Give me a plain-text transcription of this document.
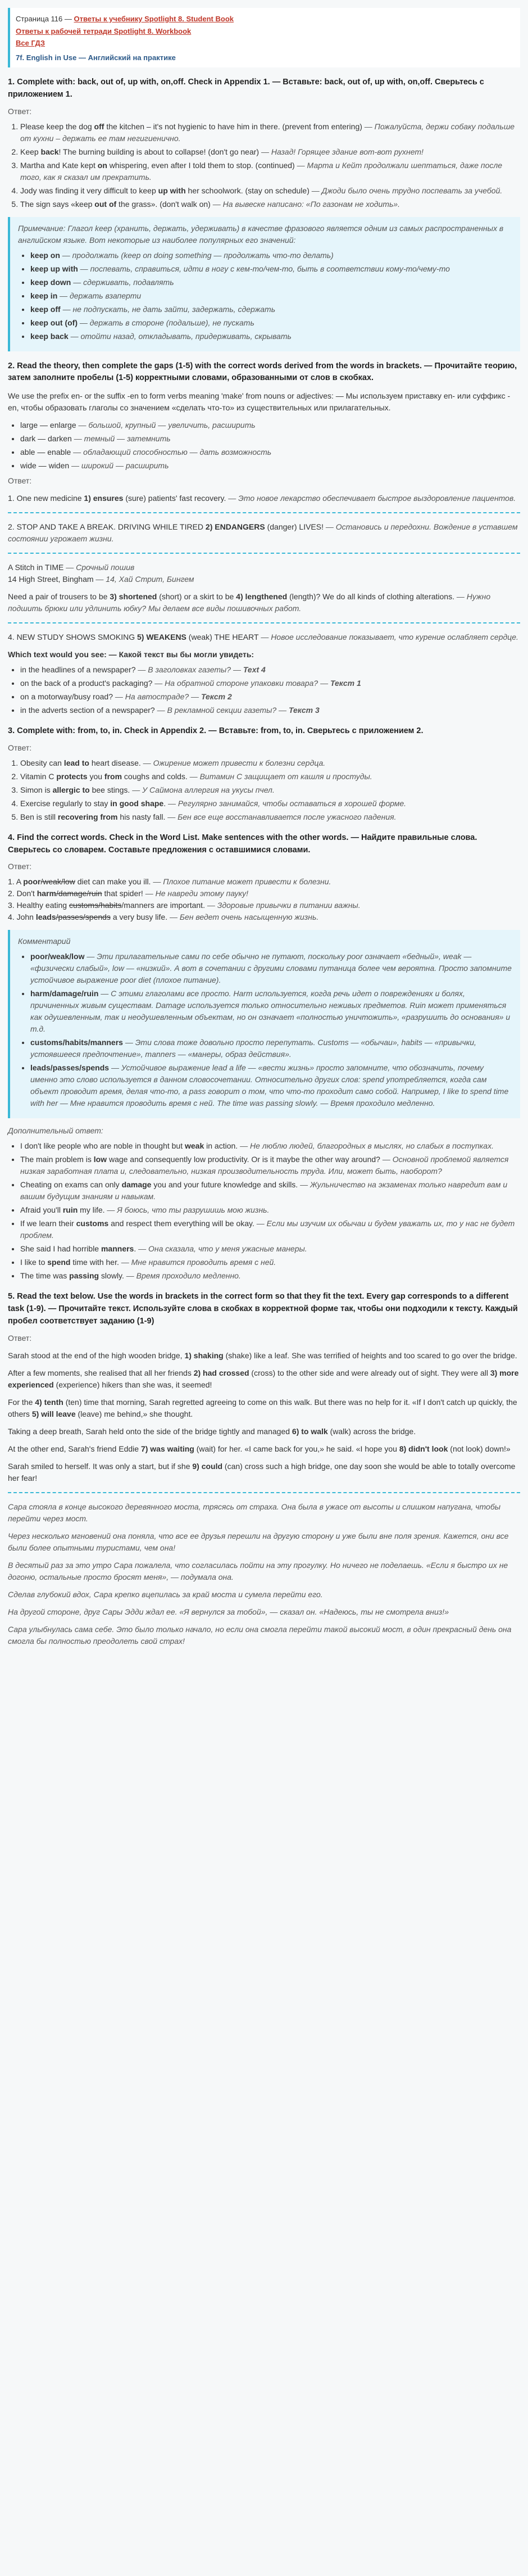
Страница 116 — Ответы к учебнику Spotlight 8. Student Book
Ответы к рабочей тетради Spotlight 8. Workbook
Все ГДЗ
7f. English in Use — Английский на практике
1. Complete with: back, out of, up with, on,off. Check in Appendix 1. — Вставьте: back, out of, up with, on,off. Сверьтесь с приложением 1.
Ответ:
1. Please keep the dog off the kitchen – it's not hygienic to have him in there. (prevent from entering) — Пожалуйста, держи собаку подальше от кухни – держать ее там негигиенично.
2. Keep back! The burning building is about to collapse! (don't go near) — Назад! Горящее здание вот-вот рухнет!
3. Martha and Kate kept on whispering, even after I told them to stop. (continued) — Марта и Кейт продолжали шептаться, даже после того, как я сказал им прекратить.
4. Jody was finding it very difficult to keep up with her schoolwork. (stay on schedule) — Джоди было очень трудно поспевать за учебой.
5. The sign says «keep out of the grass». (don't walk on) — На вывеске написано: «По газонам не ходить».
Примечание: Глагол keep (хранить, держать, удерживать) в качестве фразового является одним из самых распространенных в английском языке. Вот некоторые из наиболее популярных его значений:
• keep on — продолжать (keep on doing something — продолжать что-то делать)
• keep up with — поспевать, справиться, идти в ногу с кем-то/чем-то, быть в соответствии кому-то/чему-то
• keep down — сдерживать, подавлять
• keep in — держать взаперти
• keep off — не подпускать, не дать зайти, задержать, сдержать
• keep out (of) — держать в стороне (подальше), не пускать
• keep back — отойти назад, откладывать, придерживать, скрывать
2. Read the theory, then complete the gaps (1-5) with the correct words derived from the words in brackets. — Прочитайте теорию, затем заполните пробелы (1-5) корректными словами, образованными от слов в скобках.

We use the prefix en- or the suffix -en to form verbs meaning 'make' from nouns or adjectives: — Мы используем приставку en- или суффикс -en, чтобы образовать глаголы со значением «сделать что-то» из существительных или прилагательных.

• large — enlarge — большой, крупный — увеличить, расширить
• dark — darken — темный — затемнить
• able — enable — обладающий способностью — дать возможность
• wide — widen — широкий — расширить
Ответ:

1. One new medicine 1) ensures (sure) patients' fast recovery. — Это новое лекарство обеспечивает быстрое выздоровление пациентов.

2. STOP AND TAKE A BREAK. DRIVING WHILE TIRED 2) ENDANGERS (danger) LIVES! — Остановись и передохни. Вождение в уставшем состоянии угрожает жизни.

A Stitch in TIME — Срочный пошив
14 High Street, Bingham — 14, Хай Стрит, Бингем

Need a pair of trousers to be 3) shortened (short) or a skirt to be 4) lengthened (length)? We do all kinds of clothing alterations. — Нужно подшить брюки или удлинить юбку? Мы делаем все виды пошивочных работ.

4. NEW STUDY SHOWS SMOKING 5) WEAKENS (weak) THE HEART — Новое исследование показывает, что курение ослабляет сердце.

Which text would you see: — Какой текст вы бы могли увидеть:
• in the headlines of a newspaper? — В заголовках газеты? — Text 4
• on the back of a product's packaging? — На обратной стороне упаковки товара? — Текст 1
• on a motorway/busy road? — На автостраде? — Текст 2
• in the adverts section of a newspaper? — В рекламной секции газеты? — Текст 3
3. Complete with: from, to, in. Check in Appendix 2. — Вставьте: from, to, in. Сверьтесь с приложением 2.
Ответ:
1. Obesity can lead to heart disease. — Ожирение может привести к болезни сердца.
2. Vitamin C protects you from coughs and colds. — Витамин С защищает от кашля и простуды.
3. Simon is allergic to bee stings. — У Саймона аллергия на укусы пчел.
4. Exercise regularly to stay in good shape. — Регулярно занимайся, чтобы оставаться в хорошей форме.
5. Ben is still recovering from his nasty fall. — Бен все еще восстанавливается после ужасного падения.
4. Find the correct words. Check in the Word List. Make sentences with the other words. — Найдите правильные слова. Сверьтесь со словарем. Составьте предложения с оставшимися словами.
Ответ:
1. A poor/weak/low diet can make you ill. — Плохое питание может привести к болезни.
2. Don't harm/damage/ruin that spider! — Не навреди этому пауку!
3. Healthy eating customs/habits/manners are important. — Здоровые привычки в питании важны.
4. John leads/passes/spends a very busy life. — Бен ведет очень насыщенную жизнь.
Комментарий
• poor/weak/low — Эти прилагательные сами по себе обычно не путают, поскольку poor означает «бедный», weak — «физически слабый», low — «низкий». А вот в сочетании с другими словами путаница более чем вероятна. Просто запомните устойчивое выражение poor diet (плохое питание).
• harm/damage/ruin — С этими глаголами все просто. Harm используется, когда речь идет о повреждениях и болях, причиненных живым существам. Damage используется только относительно неживых предметов. Ruin может применяться как одушевленным, так и неодушевленным объектам, но он означает «полностью уничтожить», «разрушить до основания» и т.д.
• customs/habits/manners — Эти слова тоже довольно просто перепутать. Customs — «обычаи», habits — «привычки, устоявшееся предпочтение», manners — «манеры, образ действия».
• leads/passes/spends — Устойчивое выражение lead a life — «вести жизнь» просто запомните, что обозначить, почему именно это слово используется в данном словосочетании. Относительно других слов: spend употребляется, когда сам объект проводит время, делая что-то, а pass говорит о том, что что-то проходит само собой. Например, I like to spend time with her — Мне нравится проводить время с ней. The time was passing slowly. — Время проходило медленно.
Дополнительный ответ:
• I don't like people who are noble in thought but weak in action. — Не люблю людей, благородных в мыслях, но слабых в поступках.
• The main problem is low wage and consequently low productivity. Or is it maybe the other way around? — Основной проблемой является низкая заработная плата и, следовательно, низкая производительность труда. Или, может быть, наоборот?
• Cheating on exams can only damage you and your future knowledge and skills. — Жульничество на экзаменах только навредит вам и вашим будущим знаниям и навыкам.
• Afraid you'll ruin my life. — Я боюсь, что ты разрушишь мою жизнь.
• If we learn their customs and respect them everything will be okay. — Если мы изучим их обычаи и будем уважать их, то у нас не будет проблем.
• She said I had horrible manners. — Она сказала, что у меня ужасные манеры.
• I like to spend time with her. — Мне нравится проводить время с ней.
• The time was passing slowly. — Время проходило медленно.
5. Read the text below. Use the words in brackets in the correct form so that they fit the text. Every gap corresponds to a different task (1-9). — Прочитайте текст. Используйте слова в скобках в корректной форме так, чтобы они подходили к тексту. Каждый пробел соответствует заданию (1-9)
Ответ:

Sarah stood at the end of the high wooden bridge, 1) shaking (shake) like a leaf. She was terrified of heights and too scared to go over the bridge.

After a few moments, she realised that all her friends 2) had crossed (cross) to the other side and were already out of sight. They were all 3) more experienced (experience) hikers than she was, it seemed!

For the 4) tenth (ten) time that morning, Sarah regretted agreeing to come on this walk. But there was no help for it. «If I don't catch up quickly, the others 5) will leave (leave) me behind,» she thought.

Taking a deep breath, Sarah held onto the side of the bridge tightly and managed 6) to walk (walk) across the bridge.

At the other end, Sarah's friend Eddie 7) was waiting (wait) for her. «I came back for you,» he said. «I hope you 8) didn't look (not look) down!»

Sarah smiled to herself. It was only a start, but if she 9) could (can) cross such a high bridge, one day soon she would be able to totally overcome her fear!

Сара стояла в конце высокого деревянного моста, трясясь от страха. Она была в ужасе от высоты и слишком напугана, чтобы перейти через мост.

Через несколько мгновений она поняла, что все ее друзья перешли на другую сторону и уже были вне поля зрения. Кажется, они все были более опытными туристами, чем она!

В десятый раз за это утро Сара пожалела, что согласилась пойти на эту прогулку. Но ничего не поделаешь. «Если я быстро их не догоню, остальные просто бросят меня», — подумала она.

Сделав глубокий вдох, Сара крепко вцепилась за край моста и сумела перейти его.

На другой стороне, друг Сары Эдди ждал ее. «Я вернулся за тобой», — сказал он. «Надеюсь, ты не смотрела вниз!»

Сара улыбнулась сама себе. Это было только начало, но если она смогла перейти такой высокий мост, в один прекрасный день она смогла бы полностью преодолеть свой страх!
